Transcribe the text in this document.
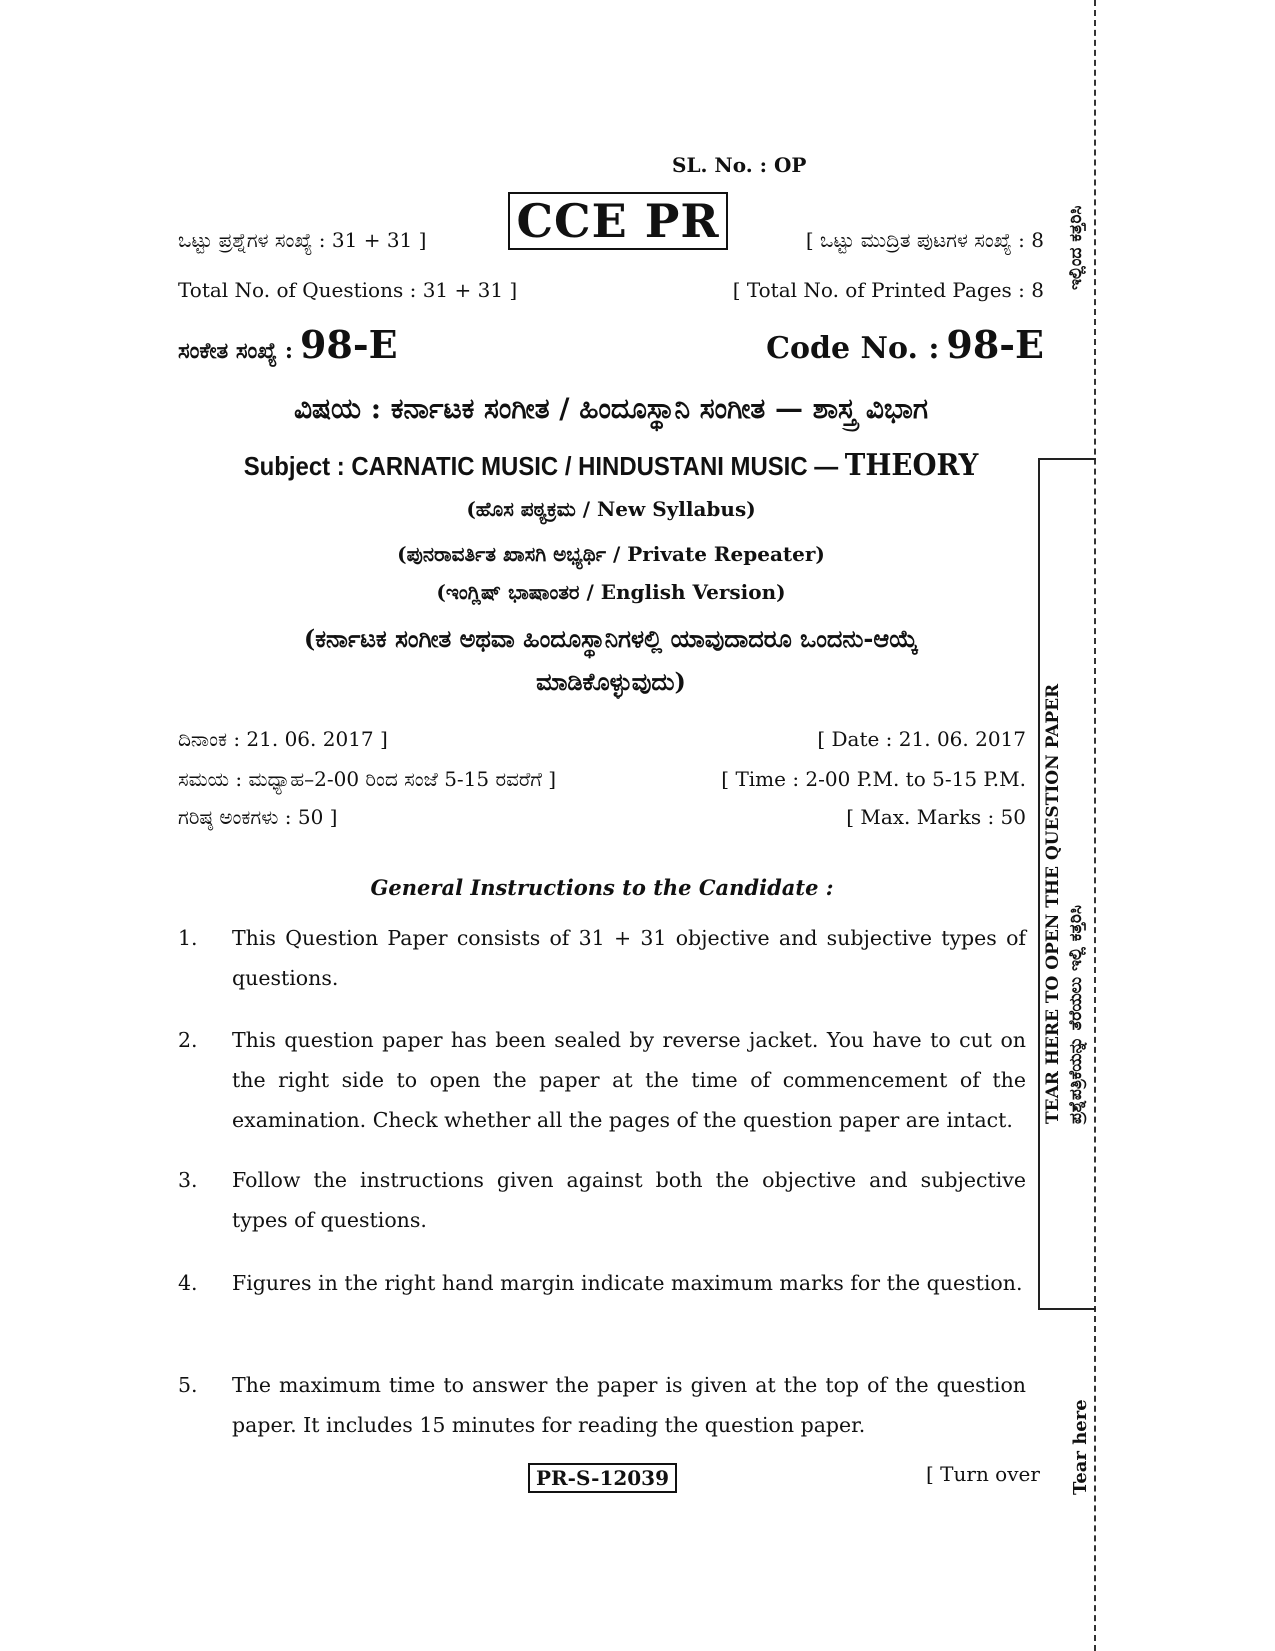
SL. No. : OP
CCE PR
ಒಟ್ಟು ಪ್ರಶ್ನೆಗಳ ಸಂಖ್ಯೆ : 31 + 31 ]	[ ಒಟ್ಟು ಮುದ್ರಿತ ಪುಟಗಳ ಸಂಖ್ಯೆ : 8
Total No. of Questions : 31 + 31 ]	[ Total No. of Printed Pages : 8
ಸಂಕೇತ ಸಂಖ್ಯೆ : 98-E	Code No. : 98-E
ವಿಷಯ : ಕರ್ನಾಟಕ ಸಂಗೀತ / ಹಿಂದೂಸ್ಥಾನಿ ಸಂಗೀತ — ಶಾಸ್ತ್ರ ವಿಭಾಗ
Subject : CARNATIC MUSIC / HINDUSTANI MUSIC — THEORY
(ಹೊಸ ಪಠ್ಯಕ್ರಮ / New Syllabus)
(ಪುನರಾವರ್ತಿತ ಖಾಸಗಿ ಅಭ್ಯರ್ಥಿ / Private Repeater)
(ಇಂಗ್ಲಿಷ್ ಭಾಷಾಂತರ / English Version)
(ಕರ್ನಾಟಕ ಸಂಗೀತ ಅಥವಾ ಹಿಂದೂಸ್ಥಾನಿಗಳಲ್ಲಿ ಯಾವುದಾದರೂ ಒಂದನು-ಆಯ್ಕೆ
ಮಾಡಿಕೊಳ್ಳುವುದು)
ದಿನಾಂಕ : 21. 06. 2017 ]	[ Date : 21. 06. 2017
ಸಮಯ : ಮಧ್ಯಾಹ–2-00 ರಿಂದ ಸಂಜೆ 5-15 ರವರೆಗೆ ]	[ Time : 2-00 P.M. to 5-15 P.M.
ಗರಿಷ್ಠ ಅಂಕಗಳು : 50 ]	[ Max. Marks : 50
General Instructions to the Candidate :
1. This Question Paper consists of 31 + 31 objective and subjective types of questions.
2. This question paper has been sealed by reverse jacket. You have to cut on the right side to open the paper at the time of commencement of the examination. Check whether all the pages of the question paper are intact.
3. Follow the instructions given against both the objective and subjective types of questions.
4. Figures in the right hand margin indicate maximum marks for the question.
5. The maximum time to answer the paper is given at the top of the question paper. It includes 15 minutes for reading the question paper.
PR-S-12039	[ Turn over
ಇಲ್ಲಿಂದ ಕತ್ತರಿಸಿ
TEAR HERE TO OPEN THE QUESTION PAPER ಪ್ರಶ್ನೆಪತ್ರಿಕೆಯನ್ನು ತೆರೆಯಲು ಇಲ್ಲಿ ಕತ್ತರಿಸಿ
Tear here
